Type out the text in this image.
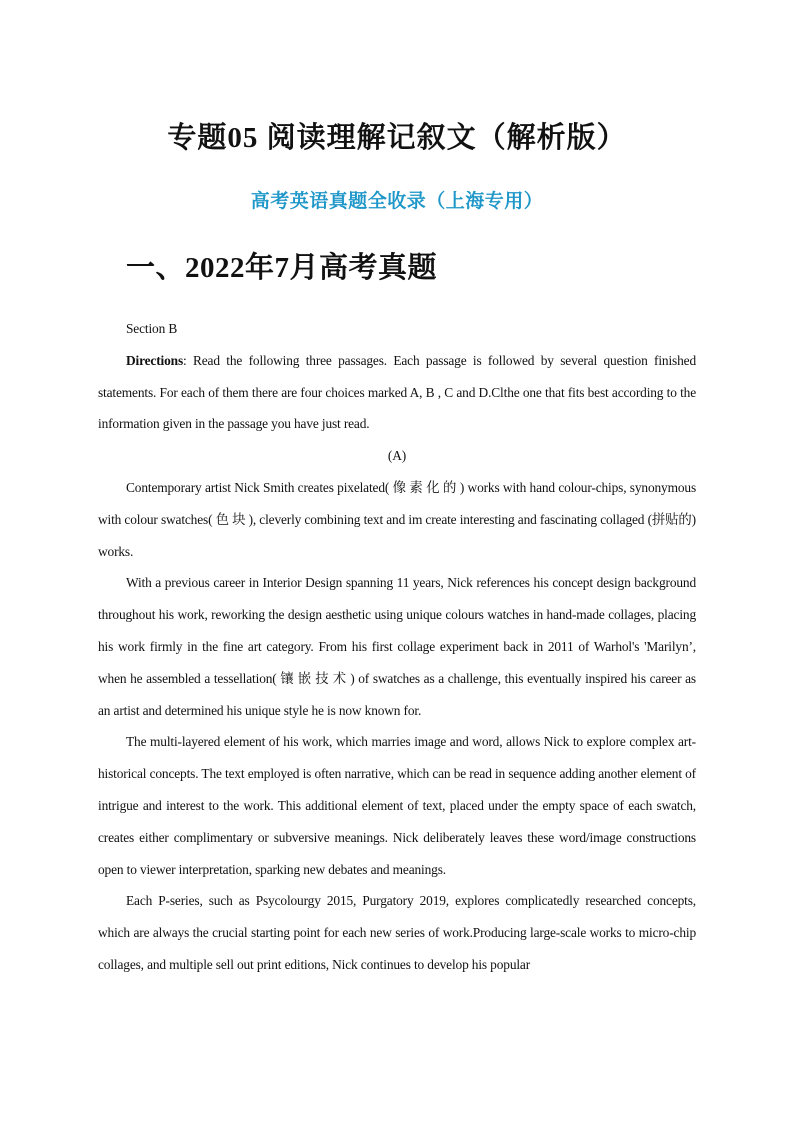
专题05 阅读理解记叙文（解析版）
高考英语真题全收录（上海专用）
一、2022年7月高考真题

Section B

Directions: Read the following three passages. Each passage is followed by several question finished statements. For each of them there are four choices marked A, B , C and D.Clthe one that fits best according to the information given in the passage you have just read.

(A)

Contemporary artist Nick Smith creates pixelated( 像 素 化 的 ) works with hand colour-chips, synonymous with colour swatches( 色 块 ), cleverly combining text and im create interesting and fascinating collaged (拼贴的) works.

With a previous career in Interior Design spanning 11 years, Nick references his concept design background throughout his work, reworking the design aesthetic using unique colours watches in hand-made collages, placing his work firmly in the fine art category. From his first collage experiment back in 2011 of Warhol's 'Marilyn’, when he assembled a tessellation( 镶 嵌 技 术 ) of swatches as a challenge, this eventually inspired his career as an artist and determined his unique style he is now known for.

The multi-layered element of his work, which marries image and word, allows Nick to explore complex art-historical concepts. The text employed is often narrative, which can be read in sequence adding another element of intrigue and interest to the work. This additional element of text, placed under the empty space of each swatch, creates either complimentary or subversive meanings. Nick deliberately leaves these word/image constructions open to viewer interpretation, sparking new debates and meanings.

Each P-series, such as Psycolourgy 2015, Purgatory 2019, explores complicatedly researched concepts, which are always the crucial starting point for each new series of work.Producing large-scale works to micro-chip collages, and multiple sell out print editions, Nick continues to develop his popular
